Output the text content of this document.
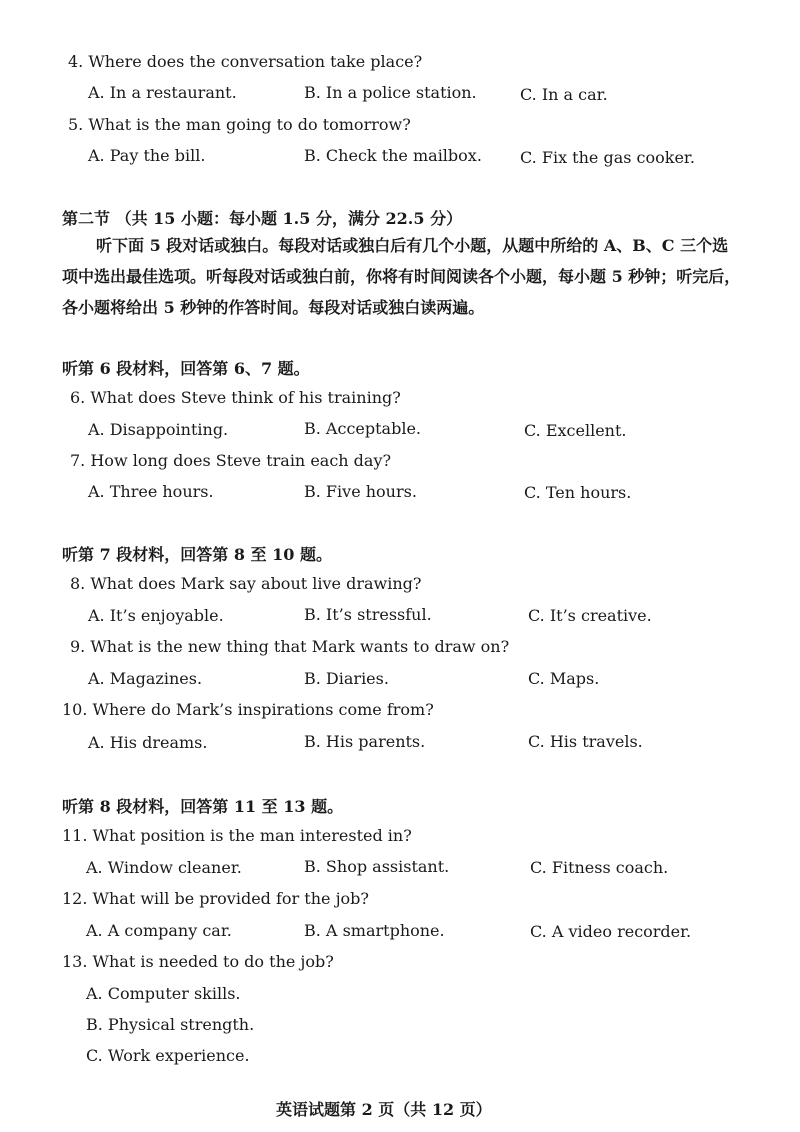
4. Where does the conversation take place?
A. In a restaurant.	B. In a police station.	C. In a car.
5. What is the man going to do tomorrow?
A. Pay the bill.	B. Check the mailbox. C. Fix the gas cooker.
第二节 （共 15 小题：每小题 1.5 分，满分 22.5 分）
听下面 5 段对话或独白。每段对话或独白后有几个小题，从题中所给的 A、B、C 三个选项中选出最佳选项。听每段对话或独白前，你将有时间阅读各个小题，每小题 5 秒钟；听完后，各小题将给出 5 秒钟的作答时间。每段对话或独白读两遍。
听第 6 段材料，回答第 6、7 题。
6. What does Steve think of his training?
A. Disappointing.	B. Acceptable.	C. Excellent.
7. How long does Steve train each day?
A. Three hours.	B. Five hours.	C. Ten hours.
听第 7 段材料，回答第 8 至 10 题。
8. What does Mark say about live drawing?
A. It’s enjoyable.	B. It’s stressful.	C. It’s creative.
9. What is the new thing that Mark wants to draw on?
A. Magazines.	B. Diaries.	C. Maps.
10. Where do Mark’s inspirations come from?
A. His dreams.	B. His parents.	C. His travels.
听第 8 段材料，回答第 11 至 13 题。
11. What position is the man interested in?
A. Window cleaner.	B. Shop assistant.	C. Fitness coach.
12. What will be provided for the job?
A. A company car.	B. A smartphone.	C. A video recorder.
13. What is needed to do the job?
A. Computer skills.
B. Physical strength.
C. Work experience.
英语试题第 2 页（共 12 页）
